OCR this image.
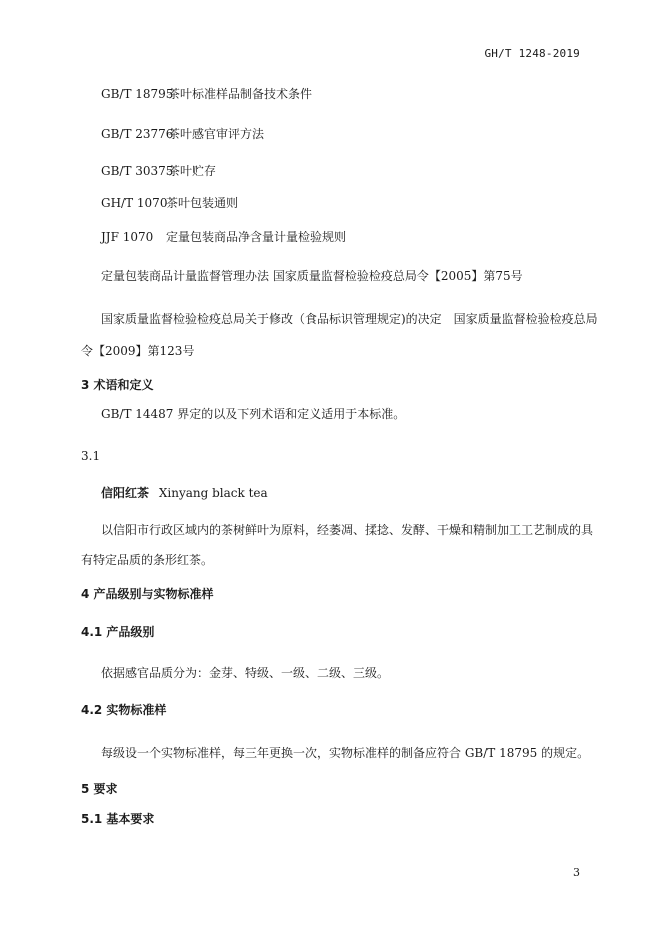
GH/T 1248-2019
GB/T 18795茶叶标准样品制备技术条件
GB/T 23776茶叶感官审评方法
GB/T 30375茶叶贮存
GH/T 1070茶叶包装通则
JJF 1070 定量包装商品净含量计量检验规则
定量包装商品计量监督管理办法 国家质量监督检验检疫总局令【2005】第75号
国家质量监督检验检疫总局关于修改（食品标识管理规定)的决定　国家质量监督检验检疫总局
令【2009】第123号
3 术语和定义
GB/T 14487 界定的以及下列术语和定义适用于本标准。
3.1
信阳红茶 Xinyang black tea
以信阳市行政区域内的茶树鲜叶为原料，经萎凋、揉捻、发酵、干燥和精制加工工艺制成的具
有特定品质的条形红茶。
4 产品级别与实物标准样
4.1 产品级别
依据感官品质分为：金芽、特级、一级、二级、三级。
4.2 实物标准样
每级设一个实物标准样，每三年更换一次，实物标准样的制备应符合 GB/T 18795 的规定。
5 要求
5.1 基本要求
3
